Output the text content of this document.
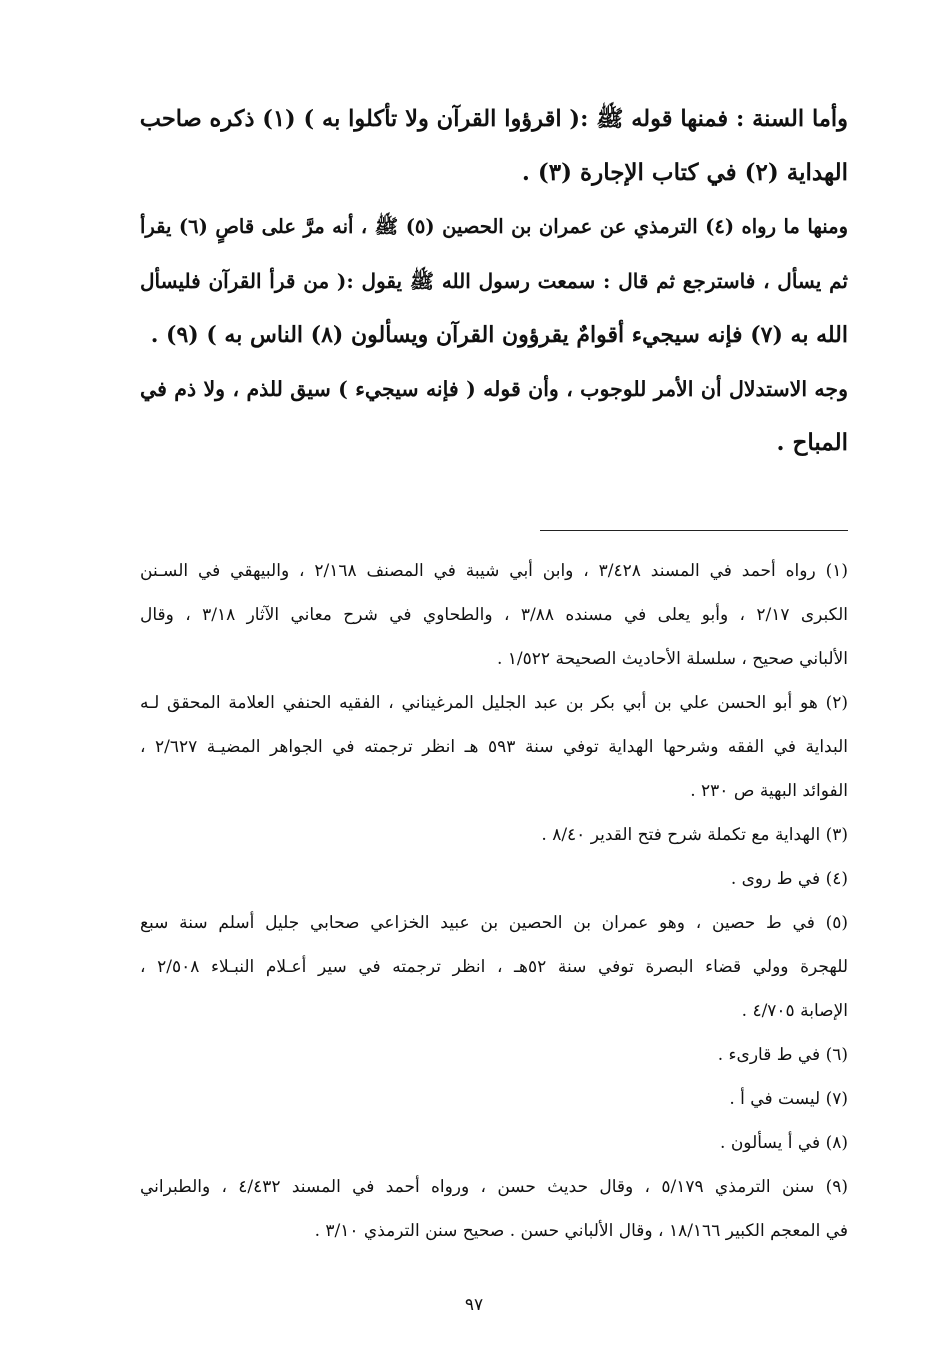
وأما السنة : فمنها قوله ﷺ :( اقرؤوا القرآن ولا تأكلوا به ) (١) ذكره صاحب
الهداية (٢) في كتاب الإجارة (٣) .
ومنها ما رواه (٤) الترمذي عن عمران بن الحصين (٥) ﷺ ، أنه مرَّ على قاصٍ (٦) يقرأ
ثم يسأل ، فاسترجع ثم قال : سمعت رسول الله ﷺ يقول :( من قرأ القرآن فليسأل
الله به (٧) فإنه سيجيء أقوامٌ يقرؤون القرآن ويسألون (٨) الناس به ) (٩) .
وجه الاستدلال أن الأمر للوجوب ، وأن قوله ( فإنه سيجيء ) سيق للذم ، ولا ذم في
المباح .
(١) رواه أحمد في المسند ٣/٤٢٨ ، وابن أبي شيبة في المصنف ٢/١٦٨ ، والبيهقي في السـنن
الكبرى ٢/١٧ ، وأبو يعلى في مسنده ٣/٨٨ ، والطحاوي في شرح معاني الآثار ٣/١٨ ، وقال
الألباني صحيح ، سلسلة الأحاديث الصحيحة ١/٥٢٢ .
(٢) هو أبو الحسن علي بن أبي بكر بن عبد الجليل المرغيناني ، الفقيه الحنفي العلامة المحقق لـه
البداية في الفقه وشرحها الهداية توفي سنة ٥٩٣ هـ انظر ترجمته في الجواهر المضيـة ٢/٦٢٧ ،
الفوائد البهية ص ٢٣٠ .
(٣) الهداية مع تكملة شرح فتح القدير ٨/٤٠ .
(٤) في ط روى .
(٥) في ط حصين ، وهو عمران بن الحصين بن عبيد الخزاعي صحابي جليل أسلم سنة سبع
للهجرة وولي قضاء البصرة توفي سنة ٥٢هـ ، انظر ترجمته في سير أعـلام النبـلاء ٢/٥٠٨ ،
الإصابة ٤/٧٠٥ .
(٦) في ط قارىء .
(٧) ليست في أ .
(٨) في أ يسألون .
(٩) سنن الترمذي ٥/١٧٩ ، وقال حديث حسن ، ورواه أحمد في المسند ٤/٤٣٢ ، والطبراني
في المعجم الكبير ١٨/١٦٦ ، وقال الألباني حسن . صحيح سنن الترمذي ٣/١٠ .
٩٧
